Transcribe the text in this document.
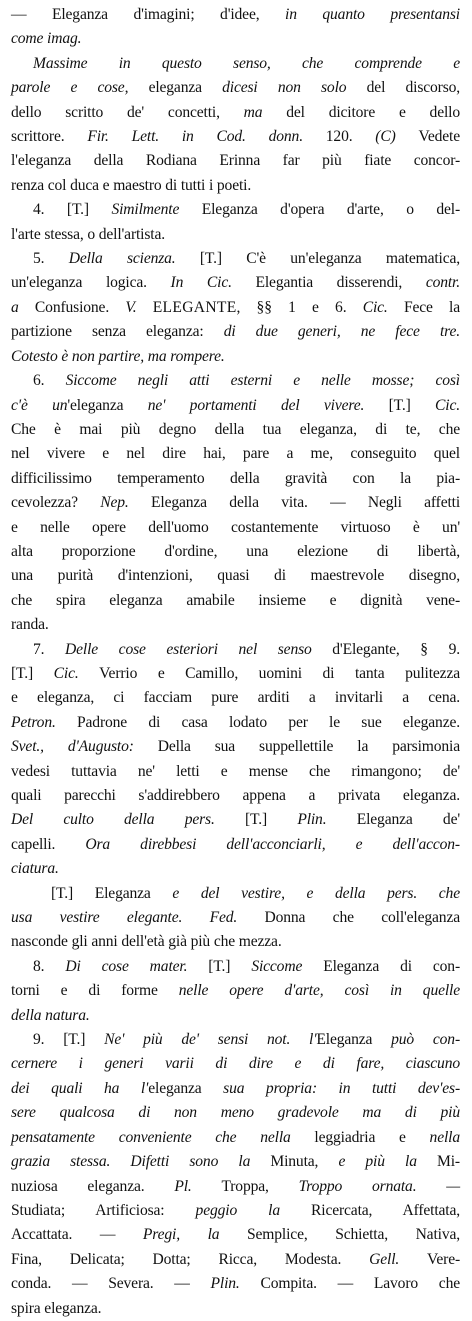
— Eleganza d'imagini; d'idee, in quanto presentansi
come imag.
Massime in questo senso, che comprende e
parole e cose, eleganza dicesi non solo del discorso,
dello scritto de' concetti, ma del dicitore e dello
scrittore. Fir. Lett. in Cod. donn. 120. (C) Vedete
l'eleganza della Rodiana Erinna far più fiate concor-
renza col duca e maestro di tutti i poeti.
4. [T.] Similmente Eleganza d'opera d'arte, o del-
l'arte stessa, o dell'artista.
5. Della scienza. [T.] C'è un'eleganza matematica,
un'eleganza logica. In Cic. Elegantia disserendi, contr.
a Confusione. V. ELEGANTE, §§ 1 e 6. Cic. Fece la
partizione senza eleganza: di due generi, ne fece tre.
Cotesto è non partire, ma rompere.
6. Siccome negli atti esterni e nelle mosse; così
c'è un'eleganza ne' portamenti del vivere. [T.] Cic.
Che è mai più degno della tua eleganza, di te, che
nel vivere e nel dire hai, pare a me, conseguito quel
difficilissimo temperamento della gravità con la pia-
cevolezza? Nep. Eleganza della vita. — Negli affetti
e nelle opere dell'uomo costantemente virtuoso è un'
alta proporzione d'ordine, una elezione di libertà,
una purità d'intenzioni, quasi di maestrevole disegno,
che spira eleganza amabile insieme e dignità vene-
randa.
7. Delle cose esteriori nel senso d'Elegante, § 9.
[T.] Cic. Verrio e Camillo, uomini di tanta pulitezza
e eleganza, ci facciam pure arditi a invitarli a cena.
Petron. Padrone di casa lodato per le sue eleganze.
Svet., d'Augusto: Della sua suppellettile la parsimonia
vedesi tuttavia ne' letti e mense che rimangono; de'
quali parecchi s'addirebbero appena a privata eleganza.
Del culto della pers. [T.] Plin. Eleganza de'
capelli. Ora direbbesi dell'acconciarli, e dell'accon-
ciatura.
[T.] Eleganza e del vestire, e della pers. che
usa vestire elegante. Fed. Donna che coll'eleganza
nasconde gli anni dell'età già più che mezza.
8. Di cose mater. [T.] Siccome Eleganza di con-
torni e di forme nelle opere d'arte, così in quelle
della natura.
9. [T.] Ne' più de' sensi not. l'Eleganza può con-
cernere i generi varii di dire e di fare, ciascuno
dei quali ha l'eleganza sua propria: in tutti dev'es-
sere qualcosa di non meno gradevole ma di più
pensatamente conveniente che nella leggiadria e nella
grazia stessa. Difetti sono la Minuta, e più la Mi-
nuziosa eleganza. Pl. Troppa, Troppo ornata. —
Studiata; Artificiosa: peggio la Ricercata, Affettata,
Accattata. — Pregi, la Semplice, Schietta, Nativa,
Fina, Delicata; Dotta; Ricca, Modesta. Gell. Vere-
conda. — Severa. — Plin. Compita. — Lavoro che
spira eleganza.
